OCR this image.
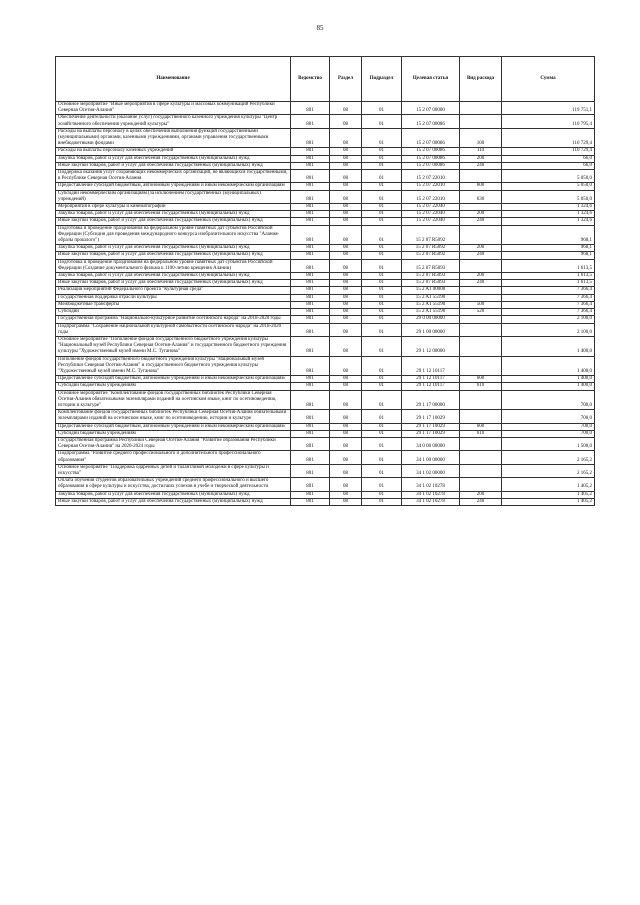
85
Наименование	Ведомство	Раздел	Подраздел	Целевая статья	Вид расхода	Сумма
Основное мероприятие "Иные мероприятия в сфере культуры и массовых коммуникаций Республики Северная Осетия-Алания"	801	08	01	15 2 07 00000		119 751,1
Обеспечение деятельности (оказание услуг) государственного казенного учреждения культуры "Центр хозяйственного обеспечения учреждений культуры"	801	08	01	15 2 07 00086		110 795,4
Расходы на выплаты персоналу в целях обеспечения выполнения функций государственными (муниципальными) органами, казенными учреждениями, органами управления государственными внебюджетными фондами	801	08	01	15 2 07 00086	100	110 729,4
Расходы на выплаты персоналу казенных учреждений	801	08	01	15 2 07 00086	110	110 729,4
Закупка товаров, работ и услуг для обеспечения государственных (муниципальных) нужд	801	08	01	15 2 07 00086	200	66,0
Иные закупки товаров, работ и услуг для обеспечения государственных (муниципальных) нужд	801	08	01	15 2 07 00086	240	66,0
Поддержка оказания услуг сохраняющих некоммерческих организаций, не являющихся государственными, в Республике Северная Осетия-Алания	801	08	01	15 2 07 22010		5 050,0
Предоставление субсидий бюджетным, автономным учреждениям и иным некоммерческим организациям	801	08	01	15 2 07 22010	600	5 050,0
Субсидии некоммерческим организациям (за исключением государственных (муниципальных) учреждений)	801	08	01	15 2 07 22010	630	5 050,0
Мероприятия в сфере культуры и кинематографии	801	08	01	15 2 07 22040		1 324,6
Закупка товаров, работ и услуг для обеспечения государственных (муниципальных) нужд	801	08	01	15 2 07 22040	200	1 324,6
Иные закупки товаров, работ и услуг для обеспечения государственных (муниципальных) нужд	801	08	01	15 2 07 22040	240	1 324,6
Подготовка и проведение празднования на федеральном уровне памятных дат субъектов Российской Федерации (Субсидия для проведения международного конкурса изобразительного искусства "Алания-образы прошлого")	801	08	01	15 2 07 R5092		968,1
Закупка товаров, работ и услуг для обеспечения государственных (муниципальных) нужд	801	08	01	15 2 07 R5092	200	968,1
Иные закупки товаров, работ и услуг для обеспечения государственных (муниципальных) нужд	801	08	01	15 2 07 R5092	240	968,1
Подготовка и проведение празднования на федеральном уровне памятных дат субъектов Российской Федерации (Создание документального фильма к 1100-летию крещения Алании)	801	08	01	15 2 07 R5093		1 613,5
Закупка товаров, работ и услуг для обеспечения государственных (муниципальных) нужд	801	08	01	15 2 07 R5093	200	1 613,5
Иные закупки товаров, работ и услуг для обеспечения государственных (муниципальных) нужд	801	08	01	15 2 07 R5093	240	1 613,5
Реализация мероприятий Федерального проекта "Культурная среда"	801	08	01	15 2 A1 00000		7 366,4
Государственная поддержка отрасли культуры	801	08	01	15 2 A1 55190		7 366,4
Межбюджетные трансферты	801	08	01	15 2 A1 55190	500	7 366,4
Субсидии	801	08	01	15 2 A1 55190	520	7 366,4
Государственная программа "Национально-культурное развитие осетинского народа" на 2018-2020 годы	801	08	01	29 0 00 00000		2 100,0
Подпрограмма "Сохранение национальной культурной самобытности осетинского народа" на 2018-2020 годы	801	08	01	29 1 00 00000		2 100,0
Основное мероприятие "Пополнение фондов государственного бюджетного учреждения культуры "Национальный музей Республики Северная Осетия-Алания" и государственного бюджетного учреждения культуры "Художественный музей имени М.С. Туганова"	801	08	01	29 1 12 00000		1 400,0
Пополнение фондов государственного бюджетного учреждения культуры "Национальный музей Республики Северная Осетия-Алания" и государственного бюджетного учреждения культуры "Художественный музей имени М.С. Туганова"	801	08	01	29 1 12 10117		1 400,0
Предоставление субсидий бюджетным, автономным учреждениям и иным некоммерческим организациям	801	08	01	29 1 12 10117	600	1 400,0
Субсидии бюджетным учреждениям	801	08	01	29 1 12 10117	610	1 400,0
Основное мероприятие "Комплектование фондов государственных библиотек Республики Северная Осетия-Алания обязательными экземплярами изданий на осетинском языке, книг по осетиноведению, истории и культуре"	801	08	01	29 1 17 00000		700,0
Комплектование фондов государственных библиотек Республики Северная Осетия-Алания обязательными экземплярами изданий на осетинском языке, книг по осетиноведению, истории и культуре	801	08	01	29 1 17 10029		700,0
Предоставление субсидий бюджетным, автономным учреждениям и иным некоммерческим организациям	801	08	01	29 1 17 10029	600	700,0
Субсидии бюджетным учреждениям	801	08	01	29 1 17 10029	610	700,0
Государственная программа Республики Северная Осетия-Алания "Развитие образования Республики Северная Осетия-Алания" на 2020-2024 годы	801	08	01	34 0 00 00000		1 500,0
Подпрограмма "Развитие среднего профессионального и дополнительного профессионального образования"	801	08	01	34 1 00 00000		2 165,2
Основное мероприятие "Поддержка одаренных детей и талантливой молодежи в сфере культуры и искусства"	801	08	01	34 1 02 00000		2 165,2
Оплата обучения студентов образовательных учреждений среднего профессионального и высшего образования в сфере культуры и искусства, достигших успехов в учебе и творческой деятельности	801	08	01	34 1 02 10278		1 405,2
Закупка товаров, работ и услуг для обеспечения государственных (муниципальных) нужд	801	08	01	34 1 02 10278	200	1 405,2
Иные закупки товаров, работ и услуг для обеспечения государственных (муниципальных) нужд	801	08	01	34 1 02 10278	240	1 405,2
